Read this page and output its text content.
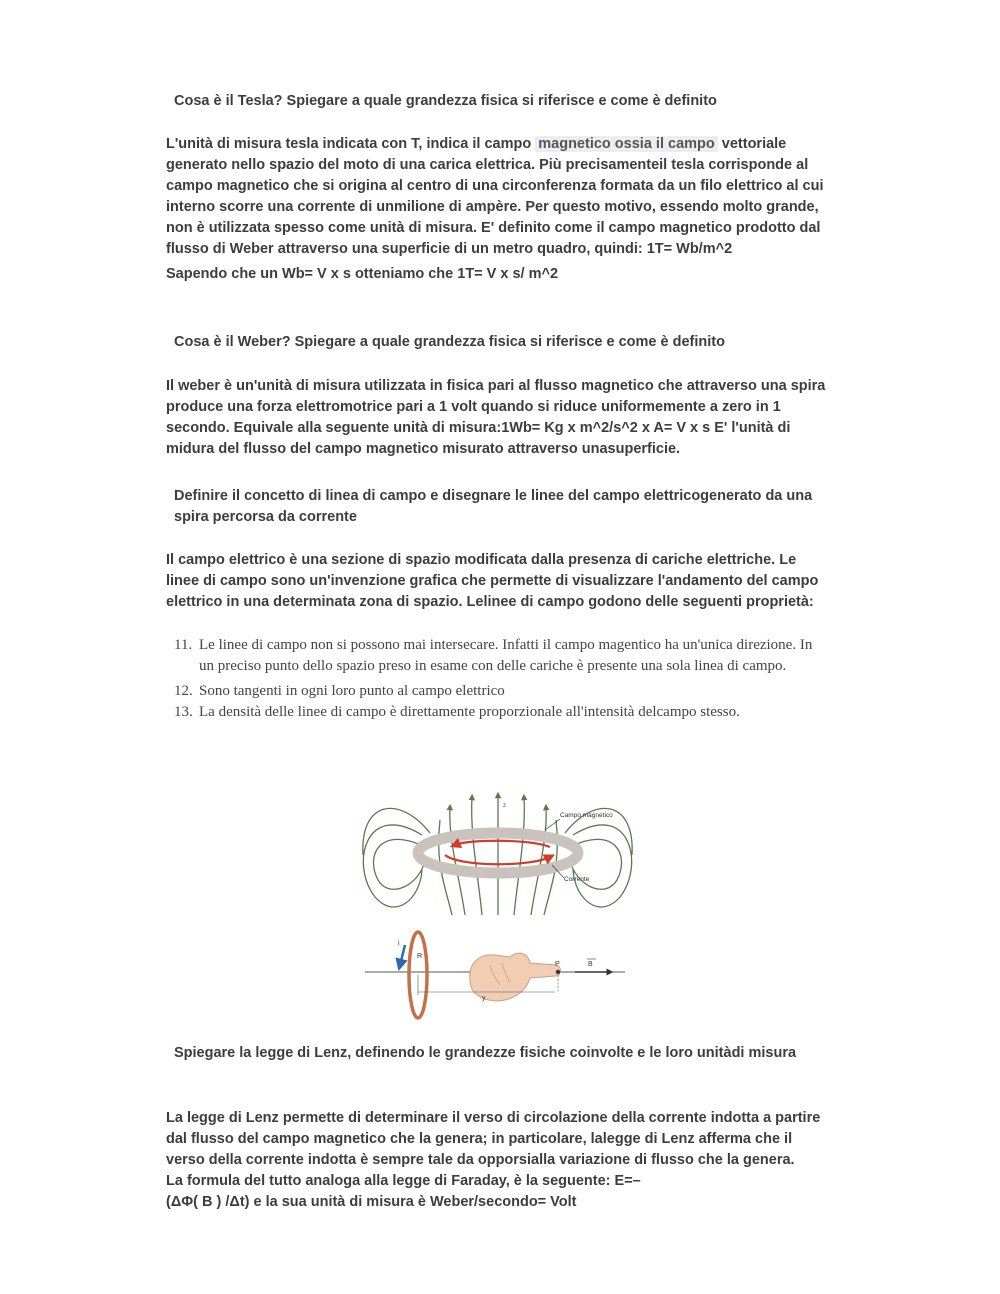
Cosa è il Tesla? Spiegare a quale grandezza fisica si riferisce e come è definito

L'unità di misura tesla indicata con T, indica il campo magnetico ossia il campo vettoriale generato nello spazio del moto di una carica elettrica. Più precisamenteil tesla corrisponde al campo magnetico che si origina al centro di una circonferenza formata da un filo elettrico al cui interno scorre una corrente di unmilione di ampère. Per questo motivo, essendo molto grande, non è utilizzata spesso come unità di misura. E' definito come il campo magnetico prodotto dal flusso di Weber attraverso una superficie di un metro quadro, quindi: 1T= Wb/m^2

Sapendo che un Wb= V x s otteniamo che 1T= V x s/ m^2

Cosa è il Weber? Spiegare a quale grandezza fisica si riferisce e come è definito
Il weber è un'unità di misura utilizzata in fisica pari al flusso magnetico che attraverso una spira produce una forza elettromotrice pari a 1 volt quando si riduce uniformemente a zero in 1 secondo. Equivale alla seguente unità di misura:1Wb= Kg x m^2/s^2 x A= V x s E' l'unità di midura del flusso del campo magnetico misurato attraverso unasuperficie.
Definire il concetto di linea di campo e disegnare le linee del campo elettricogenerato da una spira percorsa da corrente
Il campo elettrico è una sezione di spazio modificata dalla presenza di cariche elettriche. Le linee di campo sono un'invenzione grafica che permette di visualizzare l'andamento del campo elettrico in una determinata zona di spazio. Lelinee di campo godono delle seguenti proprietà:
11. Le linee di campo non si possono mai intersecare. Infatti il campo magentico ha un'unica direzione. In un preciso punto dello spazio preso in esame con delle cariche è presente una sola linea di campo.
12. Sono tangenti in ogni loro punto al campo elettrico
13. La densità delle linee di campo è direttamente proporzionale all'intensità delcampo stesso.
z
Campo magnetico
Corrente
i
R
y
P	B
Spiegare la legge di Lenz, definendo le grandezze fisiche coinvolte e le loro unitàdi misura

La legge di Lenz permette di determinare il verso di circolazione della corrente indotta a partire dal flusso del campo magnetico che la genera; in particolare, lalegge di Lenz afferma che il verso della corrente indotta è sempre tale da opporsialla variazione di flusso che la genera.

La formula del tutto analoga alla legge di Faraday, è la seguente: E=–

(ΔΦ( B ) /Δt) e la sua unità di misura è Weber/secondo= Volt
